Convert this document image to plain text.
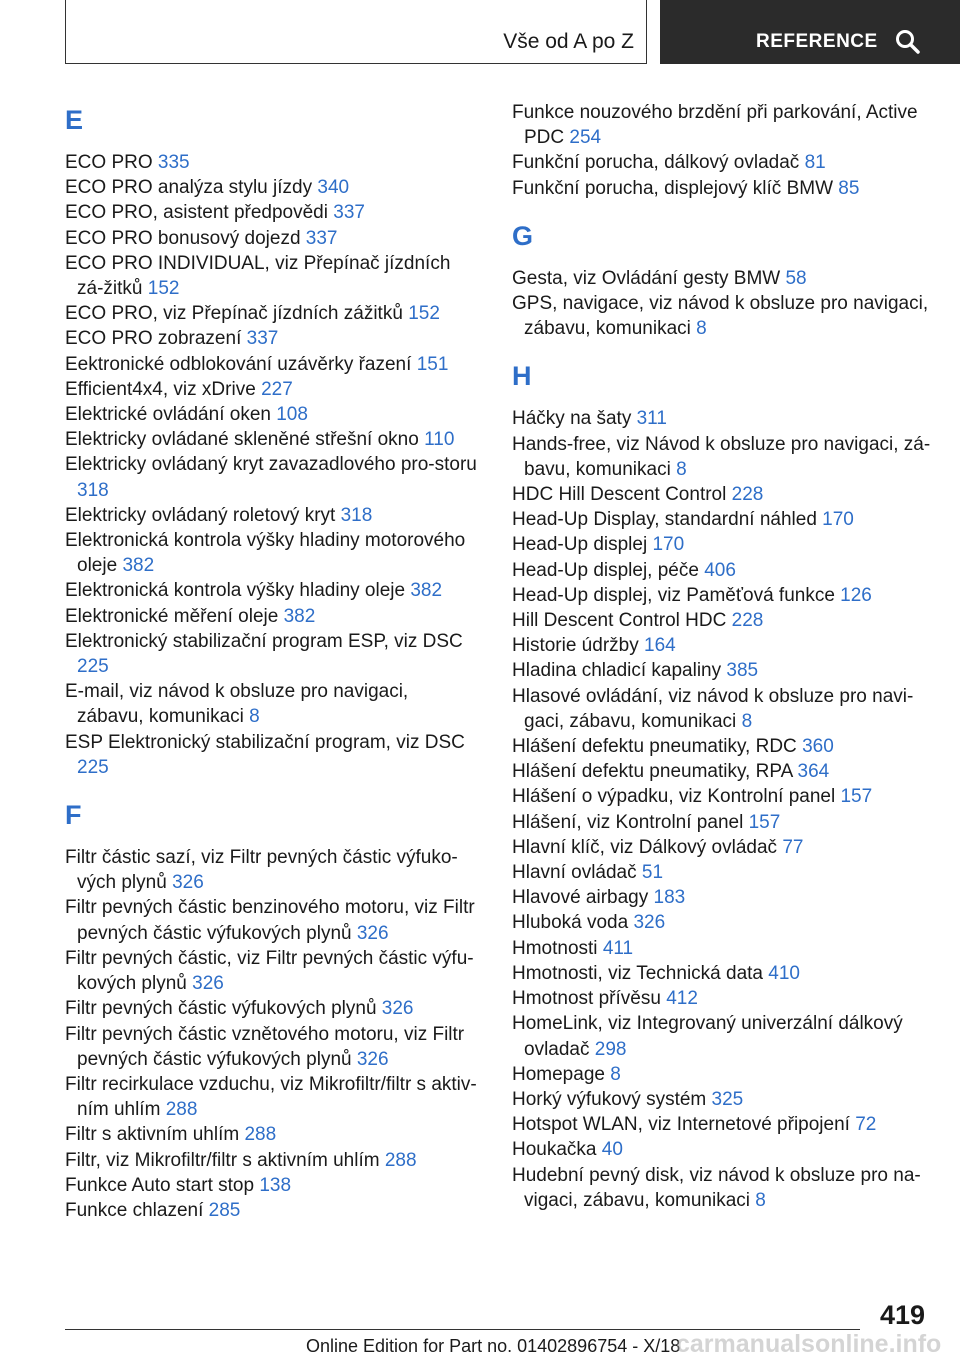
Vše od A po Z	REFERENCE
E

ECO PRO 335

ECO PRO analýza stylu jízdy 340

ECO PRO, asistent předpovědi 337

ECO PRO bonusový dojezd 337

ECO PRO INDIVIDUAL, viz Přepínač jízdních zá‐žitků 152

ECO PRO, viz Přepínač jízdních zážitků 152

ECO PRO zobrazení 337

Eektronické odblokování uzávěrky řazení 151

Efficient4x4, viz xDrive 227

Elektrické ovládání oken 108

Elektricky ovládané skleněné střešní okno 110

Elektricky ovládaný kryt zavazadlového pro‐storu 318

Elektricky ovládaný roletový kryt 318

Elektronická kontrola výšky hladiny motorového oleje 382

Elektronická kontrola výšky hladiny oleje 382

Elektronické měření oleje 382

Elektronický stabilizační program ESP, viz DSC 225

E-mail, viz návod k obsluze pro navigaci, zábavu, komunikaci 8

ESP Elektronický stabilizační program, viz DSC 225

F

Filtr částic sazí, viz Filtr pevných částic výfuko‐vých plynů 326

Filtr pevných částic benzinového motoru, viz Filtr pevných částic výfukových plynů 326

Filtr pevných částic, viz Filtr pevných částic výfu‐kových plynů 326

Filtr pevných částic výfukových plynů 326

Filtr pevných částic vznětového motoru, viz Filtr pevných částic výfukových plynů 326

Filtr recirkulace vzduchu, viz Mikrofiltr/filtr s aktiv‐ním uhlím 288

Filtr s aktivním uhlím 288

Filtr, viz Mikrofiltr/filtr s aktivním uhlím 288

Funkce Auto start stop 138

Funkce chlazení 285

Funkce nouzového brzdění při parkování, Active PDC 254

Funkční porucha, dálkový ovladač 81

Funkční porucha, displejový klíč BMW 85

G

Gesta, viz Ovládání gesty BMW 58

GPS, navigace, viz návod k obsluze pro navigaci, zábavu, komunikaci 8

H

Háčky na šaty 311

Hands-free, viz Návod k obsluze pro navigaci, zá‐bavu, komunikaci 8

HDC Hill Descent Control 228

Head-Up Display, standardní náhled 170

Head-Up displej 170

Head-Up displej, péče 406

Head-Up displej, viz Paměťová funkce 126

Hill Descent Control HDC 228

Historie údržby 164

Hladina chladicí kapaliny 385

Hlasové ovládání, viz návod k obsluze pro navi‐gaci, zábavu, komunikaci 8

Hlášení defektu pneumatiky, RDC 360

Hlášení defektu pneumatiky, RPA 364

Hlášení o výpadku, viz Kontrolní panel 157

Hlášení, viz Kontrolní panel 157

Hlavní klíč, viz Dálkový ovládač 77

Hlavní ovládač 51

Hlavové airbagy 183

Hluboká voda 326

Hmotnosti 411

Hmotnosti, viz Technická data 410

Hmotnost přívěsu 412

HomeLink, viz Integrovaný univerzální dálkový ovladač 298

Homepage 8

Horký výfukový systém 325

Hotspot WLAN, viz Internetové připojení 72

Houkačka 40

Hudební pevný disk, viz návod k obsluze pro na‐vigaci, zábavu, komunikaci 8

419
Online Edition for Part no. 01402896754 - X/18
carmanualsonline.info
